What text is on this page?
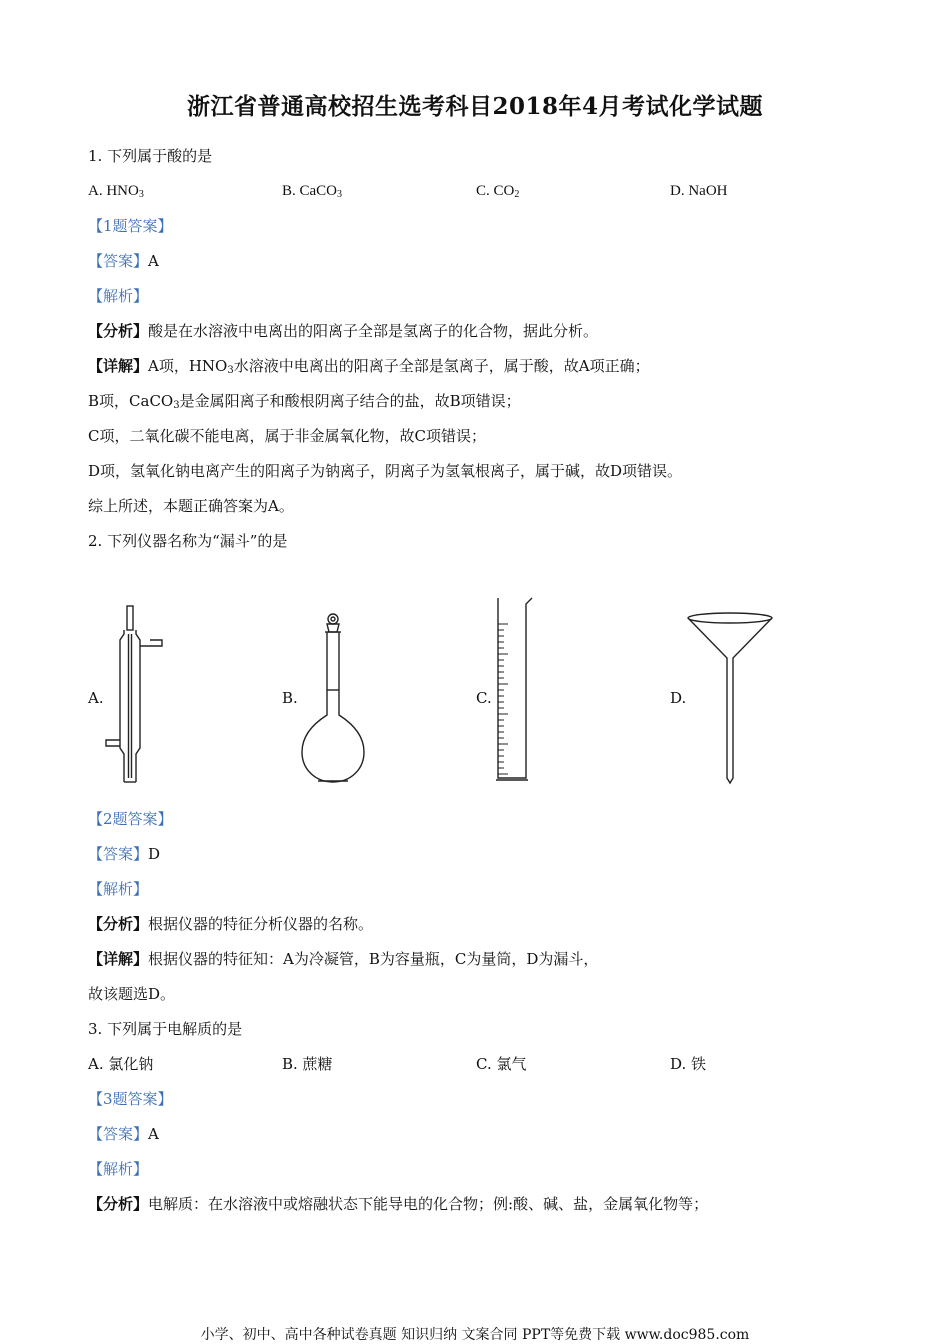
浙江省普通高校招生选考科目2018年4月考试化学试题
1. 下列属于酸的是
A. $HNO_3$	B. CaCO$_3$	C. $CO_2$	D. NaOH
【1题答案】
【答案】A
【解析】
【分析】酸是在水溶液中电离出的阳离子全部是氢离子的化合物，据此分析。
【详解】A项，$HNO_3$水溶液中电离出的阳离子全部是氢离子，属于酸，故A项正确；
B项，CaCO$_3$是金属阳离子和酸根阴离子结合的盐，故B项错误；
C项，二氧化碳不能电离，属于非金属氧化物，故C项错误；
D项，氢氧化钠电离产生的阳离子为钠离子，阴离子为氢氧根离子，属于碱，故D项错误。
综上所述，本题正确答案为A。
2. 下列仪器名称为“漏斗”的是
A.	B.	C.	D.
【2题答案】
【答案】D
【解析】
【分析】根据仪器的特征分析仪器的名称。
【详解】根据仪器的特征知：A为冷凝管，B为容量瓶，C为量筒，D为漏斗，
故该题选D。
3. 下列属于电解质的是
A. 氯化钠	B. 蔗糖	C. 氯气	D. 铁
【3题答案】
【答案】A
【解析】
【分析】电解质：在水溶液中或熔融状态下能导电的化合物；例:酸、碱、盐，金属氧化物等；
小学、初中、高中各种试卷真题 知识归纳 文案合同 PPT等免费下载 www.doc985.com
